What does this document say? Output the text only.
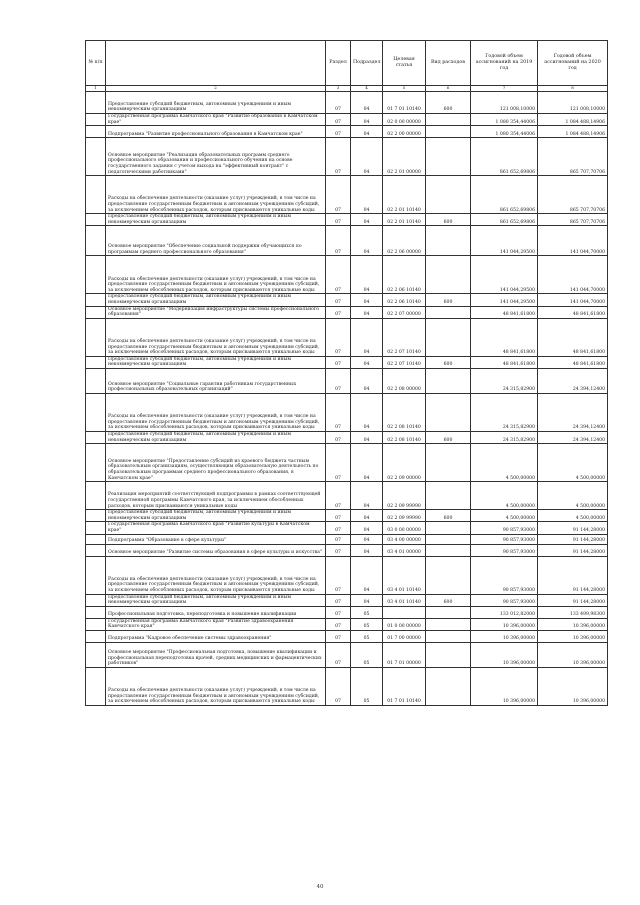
№ п/п		Раздел	Подраздел	Целевая статья	Вид расходов	Годовой объем ассигнований на 2019 год	Годовой объем ассигнований на 2020 год
1	2	3	4	5	6	7	8
	Предоставление субсидий бюджетным, автономным учреждениям и иным некоммерческим организациям	07	04	01 7 01 10140	600	121 008,10000	121 008,10000
	Государственная программа Камчатского края "Развитие образования в Камчатском крае"	07	04	02 0 00 00000		1 080 354,44006	1 084 488,14906
	Подпрограмма "Развитие профессионального образования в Камчатском крае"	07	04	02 2 00 00000		1 080 354,44006	1 084 488,14906
	Основное мероприятие "Реализация образовательных программ среднего профессионального образования и профессионального обучения на основе государственного задания с учетом выхода на "эффективный контракт" с педагогическими работниками"	07	04	02 2 01 00000		861 652,69806	865 707,70706
	Расходы на обеспечение деятельности (оказание услуг) учреждений, в том числе на предоставление государственным бюджетным и автономным учреждениям субсидий, за исключением обособленных расходов, которым присваиваются уникальные коды	07	04	02 2 01 10140		861 652,69806	865 707,70706
	Предоставление субсидий бюджетным, автономным учреждениям и иным некоммерческим организациям	07	04	02 2 01 10140	600	861 652,69806	865 707,70706
	Основное мероприятие "Обеспечение социальной поддержки обучающихся по программам среднего профессионального образования"	07	04	02 2 06 00000		141 044,29500	141 044,70000
	Расходы на обеспечение деятельности (оказание услуг) учреждений, в том числе на предоставление государственным бюджетным и автономным учреждениям субсидий, за исключением обособленных расходов, которым присваиваются уникальные коды	07	04	02 2 06 10140		141 044,29500	141 044,70000
	Предоставление субсидий бюджетным, автономным учреждениям и иным некоммерческим организациям	07	04	02 2 06 10140	600	141 044,29500	141 044,70000
	Основное мероприятие "Модернизация инфраструктуры системы профессионального образования"	07	04	02 2 07 00000		48 841,61800	48 841,61800
	Расходы на обеспечение деятельности (оказание услуг) учреждений, в том числе на предоставление государственным бюджетным и автономным учреждениям субсидий, за исключением обособленных расходов, которым присваиваются уникальные коды	07	04	02 2 07 10140		48 841,61800	48 841,61800
	Предоставление субсидий бюджетным, автономным учреждениям и иным некоммерческим организациям	07	04	02 2 07 10140	600	48 841,61800	48 841,61800
	Основное мероприятие "Социальные гарантии работникам государственных профессиональных образовательных организаций"	07	04	02 2 08 00000		24 315,82900	24 394,12400
	Расходы на обеспечение деятельности (оказание услуг) учреждений, в том числе на предоставление государственным бюджетным и автономным учреждениям субсидий, за исключением обособленных расходов, которым присваиваются уникальные коды	07	04	02 2 08 10140		24 315,82900	24 394,12400
	Предоставление субсидий бюджетным, автономным учреждениям и иным некоммерческим организациям	07	04	02 2 08 10140	600	24 315,82900	24 394,12400
	Основное мероприятие "Предоставление субсидий из краевого бюджета частным образовательным организациям, осуществляющим образовательную деятельность по образовательным программам среднего профессионального образования, в Камчатском крае"	07	04	02 2 09 00000		4 500,00000	4 500,00000
	Реализация мероприятий соответствующей подпрограммы в рамках соответствующей государственной программы Камчатского края, за исключением обособленных расходов, которым присваиваются уникальные коды	07	04	02 2 09 99990		4 500,00000	4 500,00000
	Предоставление субсидий бюджетным, автономным учреждениям и иным некоммерческим организациям	07	04	02 2 09 99990	600	4 500,00000	4 500,00000
	Государственная программа Камчатского края "Развитие культуры в Камчатском крае"	07	04	03 0 00 00000		90 857,93000	91 144,28000
	Подпрограмма "Образование в сфере культуры"	07	04	03 4 00 00000		90 857,93000	91 144,28000
	Основное мероприятие "Развитие системы образования в сфере культуры и искусства"	07	04	03 4 01 00000		90 857,93000	91 144,28000
	Расходы на обеспечение деятельности (оказание услуг) учреждений, в том числе на предоставление государственным бюджетным и автономным учреждениям субсидий, за исключением обособленных расходов, которым присваиваются уникальные коды	07	04	03 4 01 10140		90 857,93000	91 144,28000
	Предоставление субсидий бюджетным, автономным учреждениям и иным некоммерческим организациям	07	04	03 4 01 10140	600	90 857,93000	91 144,28000
	Профессиональная подготовка, переподготовка и повышение квалификации	07	05			133 012,82000	133 499,98300
	Государственная программа Камчатского края "Развитие здравоохранения Камчатского края"	07	05	01 0 00 00000		10 396,00000	10 396,00000
	Подпрограмма "Кадровое обеспечение системы здравоохранения"	07	05	01 7 00 00000		10 396,00000	10 396,00000
	Основное мероприятие "Профессиональная подготовка, повышение квалификации и профессиональная переподготовка врачей, средних медицинских и фармацевтических работников"	07	05	01 7 01 00000		10 396,00000	10 396,00000
	Расходы на обеспечение деятельности (оказание услуг) учреждений, в том числе на предоставление государственным бюджетным и автономным учреждениям субсидий, за исключением обособленных расходов, которым присваиваются уникальные коды	07	05	01 7 01 10140		10 396,00000	10 396,00000
40
